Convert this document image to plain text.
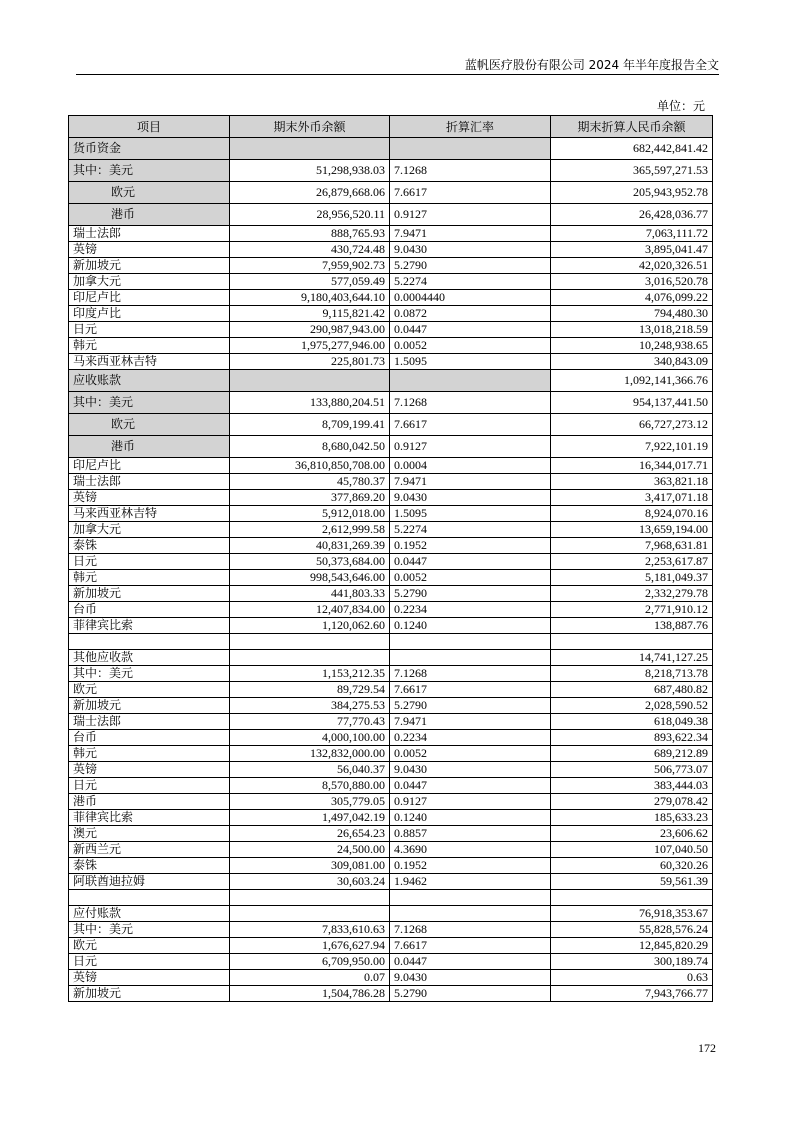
蓝帆医疗股份有限公司 2024 年半年度报告全文
单位：元
项目	期末外币余额	折算汇率	期末折算人民币余额
货币资金			682,442,841.42
其中：美元	51,298,938.03	7.1268	365,597,271.53
欧元	26,879,668.06	7.6617	205,943,952.78
港币	28,956,520.11	0.9127	26,428,036.77
瑞士法郎	888,765.93	7.9471	7,063,111.72
英镑	430,724.48	9.0430	3,895,041.47
新加坡元	7,959,902.73	5.2790	42,020,326.51
加拿大元	577,059.49	5.2274	3,016,520.78
印尼卢比	9,180,403,644.10	0.0004440	4,076,099.22
印度卢比	9,115,821.42	0.0872	794,480.30
日元	290,987,943.00	0.0447	13,018,218.59
韩元	1,975,277,946.00	0.0052	10,248,938.65
马来西亚林吉特	225,801.73	1.5095	340,843.09
应收账款			1,092,141,366.76
其中：美元	133,880,204.51	7.1268	954,137,441.50
欧元	8,709,199.41	7.6617	66,727,273.12
港币	8,680,042.50	0.9127	7,922,101.19
印尼卢比	36,810,850,708.00	0.0004	16,344,017.71
瑞士法郎	45,780.37	7.9471	363,821.18
英镑	377,869.20	9.0430	3,417,071.18
马来西亚林吉特	5,912,018.00	1.5095	8,924,070.16
加拿大元	2,612,999.58	5.2274	13,659,194.00
泰铢	40,831,269.39	0.1952	7,968,631.81
日元	50,373,684.00	0.0447	2,253,617.87
韩元	998,543,646.00	0.0052	5,181,049.37
新加坡元	441,803.33	5.2790	2,332,279.78
台币	12,407,834.00	0.2234	2,771,910.12
菲律宾比索	1,120,062.60	0.1240	138,887.76

其他应收款			14,741,127.25
其中：美元	1,153,212.35	7.1268	8,218,713.78
欧元	89,729.54	7.6617	687,480.82
新加坡元	384,275.53	5.2790	2,028,590.52
瑞士法郎	77,770.43	7.9471	618,049.38
台币	4,000,100.00	0.2234	893,622.34
韩元	132,832,000.00	0.0052	689,212.89
英镑	56,040.37	9.0430	506,773.07
日元	8,570,880.00	0.0447	383,444.03
港币	305,779.05	0.9127	279,078.42
菲律宾比索	1,497,042.19	0.1240	185,633.23
澳元	26,654.23	0.8857	23,606.62
新西兰元	24,500.00	4.3690	107,040.50
泰铢	309,081.00	0.1952	60,320.26
阿联酋迪拉姆	30,603.24	1.9462	59,561.39

应付账款			76,918,353.67
其中：美元	7,833,610.63	7.1268	55,828,576.24
欧元	1,676,627.94	7.6617	12,845,820.29
日元	6,709,950.00	0.0447	300,189.74
英镑	0.07	9.0430	0.63
新加坡元	1,504,786.28	5.2790	7,943,766.77
172
